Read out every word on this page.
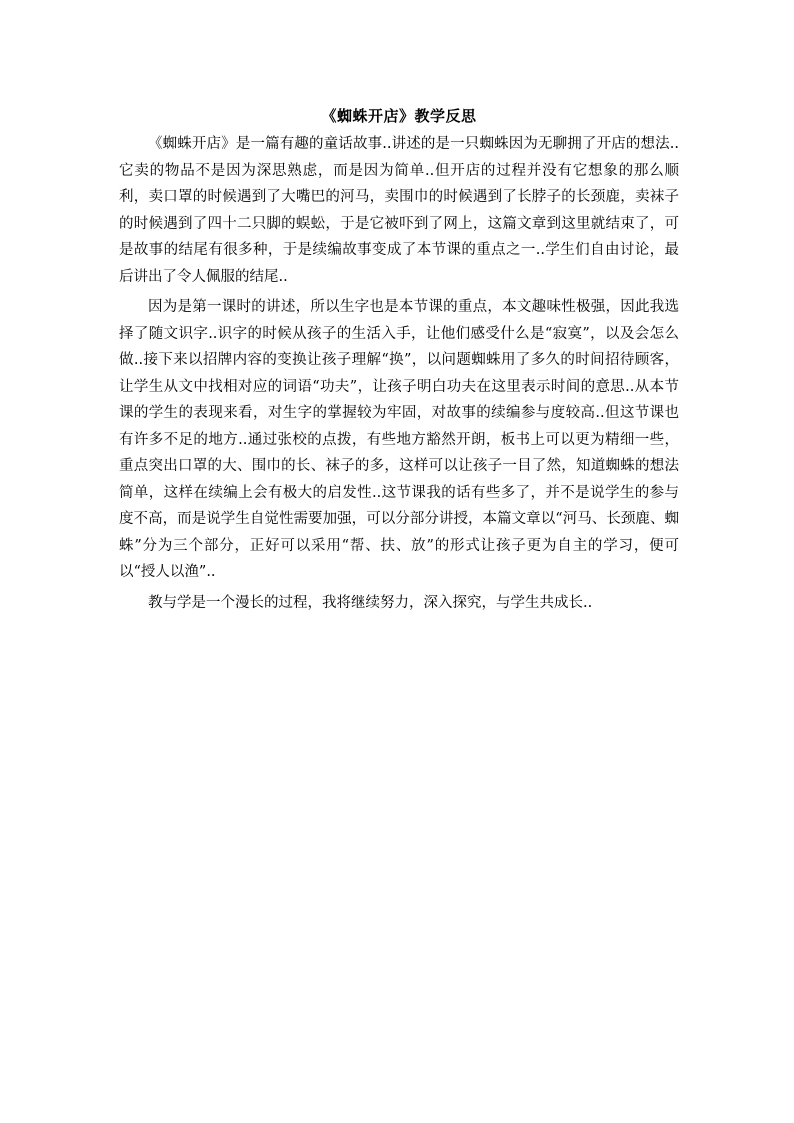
《蜘蛛开店》教学反思

《蜘蛛开店》是一篇有趣的童话故事..讲述的是一只蜘蛛因为无聊拥了开店的想法..它卖的物品不是因为深思熟虑，而是因为简单..但开店的过程并没有它想象的那么顺利，卖口罩的时候遇到了大嘴巴的河马，卖围巾的时候遇到了长脖子的长颈鹿，卖袜子的时候遇到了四十二只脚的蜈蚣，于是它被吓到了网上，这篇文章到这里就结束了，可是故事的结尾有很多种，于是续编故事变成了本节课的重点之一..学生们自由讨论，最后讲出了令人佩服的结尾..

因为是第一课时的讲述，所以生字也是本节课的重点，本文趣味性极强，因此我选择了随文识字..识字的时候从孩子的生活入手，让他们感受什么是“寂寞”，以及会怎么做..接下来以招牌内容的变换让孩子理解“换”，以问题蜘蛛用了多久的时间招待顾客，让学生从文中找相对应的词语“功夫”，让孩子明白功夫在这里表示时间的意思..从本节课的学生的表现来看，对生字的掌握较为牢固，对故事的续编参与度较高..但这节课也有许多不足的地方..通过张校的点拨，有些地方豁然开朗，板书上可以更为精细一些，重点突出口罩的大、围巾的长、袜子的多，这样可以让孩子一目了然，知道蜘蛛的想法简单，这样在续编上会有极大的启发性..这节课我的话有些多了，并不是说学生的参与度不高，而是说学生自觉性需要加强，可以分部分讲授，本篇文章以“河马、长颈鹿、蜘蛛”分为三个部分，正好可以采用“帮、扶、放”的形式让孩子更为自主的学习，便可以“授人以渔”..

教与学是一个漫长的过程，我将继续努力，深入探究，与学生共成长..
